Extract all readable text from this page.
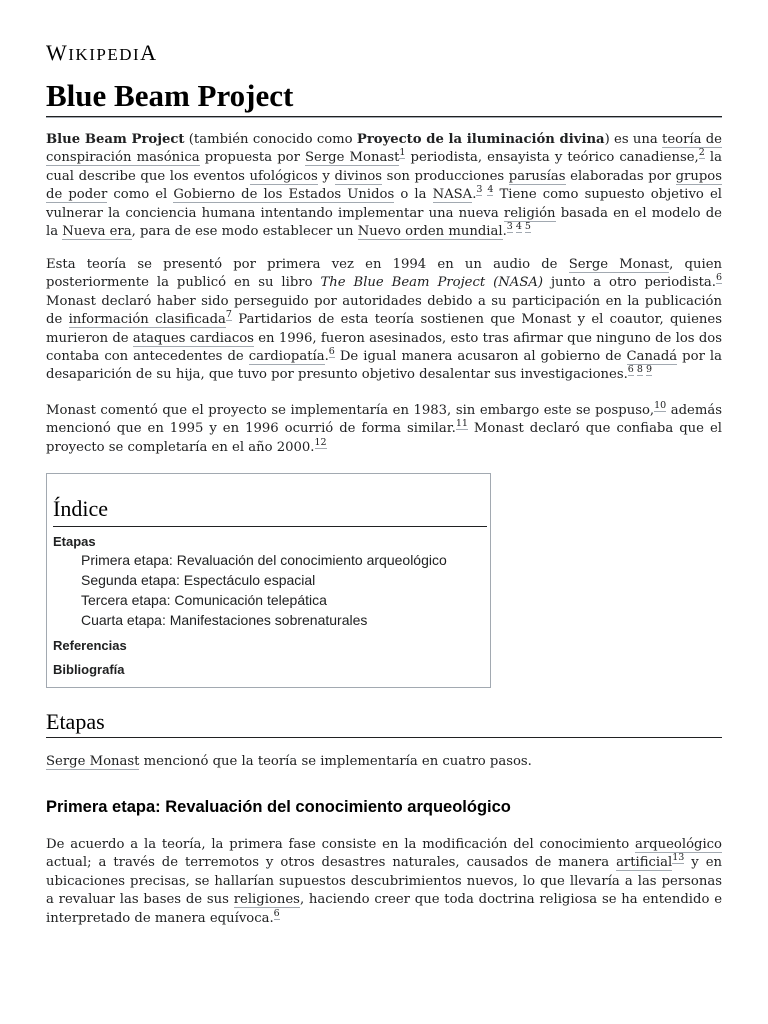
WIKIPEDIA
Blue Beam Project

Blue Beam Project (también conocido como Proyecto de la iluminación divina) es una teoría de conspiración masónica propuesta por Serge Monast$^1$ periodista, ensayista y teórico canadiense,$^2$ la cual describe que los eventos ufológicos y divinos son producciones parusías elaboradas por grupos de poder como el Gobierno de los Estados Unidos o la NASA.$^{3 4}$ Tiene como supuesto objetivo el vulnerar la conciencia humana intentando implementar una nueva religión basada en el modelo de la Nueva era, para de ese modo establecer un Nuevo orden mundial.$^{3 4 5}$

Esta teoría se presentó por primera vez en 1994 en un audio de Serge Monast, quien posteriormente la publicó en su libro The Blue Beam Project (NASA) junto a otro periodista.$^6$ Monast declaró haber sido perseguido por autoridades debido a su participación en la publicación de información clasificada$^7$ Partidarios de esta teoría sostienen que Monast y el coautor, quienes murieron de ataques cardiacos en 1996, fueron asesinados, esto tras afirmar que ninguno de los dos contaba con antecedentes de cardiopatía.$^6$ De igual manera acusaron al gobierno de Canadá por la desaparición de su hija, que tuvo por presunto objetivo desalentar sus investigaciones.$^{6 8 9}$

Monast comentó que el proyecto se implementaría en 1983, sin embargo este se pospuso,$^{10}$ además mencionó que en 1995 y en 1996 ocurrió de forma similar.$^{11}$ Monast declaró que confiaba que el proyecto se completaría en el año 2000.12

Índice
Etapas
Primera etapa: Revaluación del conocimiento arqueológico
Segunda etapa: Espectáculo espacial
Tercera etapa: Comunicación telepática
Cuarta etapa: Manifestaciones sobrenaturales
Referencias
Bibliografía
Etapas

Serge Monast mencionó que la teoría se implementaría en cuatro pasos.

Primera etapa: Revaluación del conocimiento arqueológico

De acuerdo a la teoría, la primera fase consiste en la modificación del conocimiento arqueológico actual; a través de terremotos y otros desastres naturales, causados de manera artificial$^{13}$ y en ubicaciones precisas, se hallarían supuestos descubrimientos nuevos, lo que llevaría a las personas a revaluar las bases de sus religiones, haciendo creer que toda doctrina religiosa se ha entendido e interpretado de manera equívoca.$^6$
